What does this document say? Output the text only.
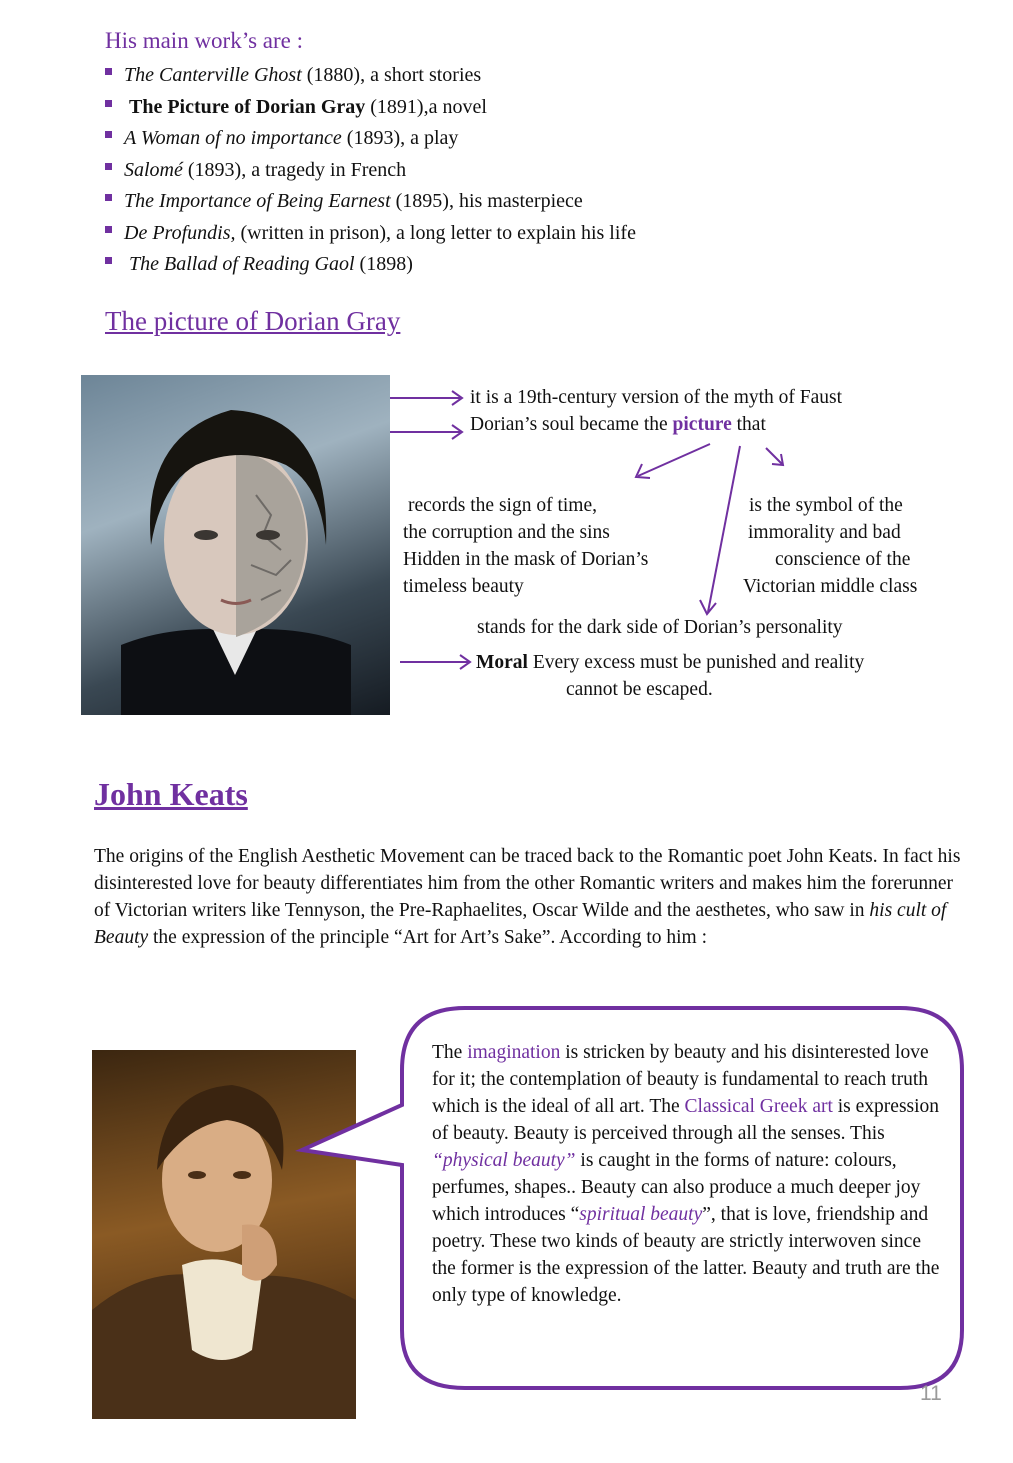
His main work’s are :
The Canterville Ghost (1880), a short stories
The Picture of Dorian Gray (1891),a novel
A Woman of no importance (1893), a play
Salomé (1893), a tragedy in French
The Importance of Being Earnest (1895), his masterpiece
De Profundis, (written in prison), a long letter to explain his life
The Ballad of Reading Gaol (1898)
The picture of Dorian Gray
it is a 19th-century version of the myth of Faust
Dorian’s soul became the picture that
records the sign of time,
the corruption and the sins
Hidden in the mask of Dorian’s
timeless beauty
is the symbol of the
immorality and bad
conscience of the
Victorian middle class
stands for the dark side of Dorian’s personality
Moral Every excess must be punished and reality
cannot be escaped.
John Keats
The origins of the English Aesthetic Movement can be traced back to the Romantic poet John Keats. In fact his disinterested love for beauty differentiates him from the other Romantic writers and makes him the forerunner of Victorian writers like Tennyson, the Pre-Raphaelites, Oscar Wilde and the aesthetes, who saw in his cult of Beauty the expression of the principle “Art for Art’s Sake”. According to him :
The imagination is stricken by beauty and his disinterested love for it; the contemplation of beauty is fundamental to reach truth which is the ideal of all art. The Classical Greek art is expression of beauty. Beauty is perceived through all the senses. This “physical beauty” is caught in the forms of nature: colours, perfumes, shapes.. Beauty can also produce a much deeper joy which introduces “spiritual beauty”, that is love, friendship and poetry. These two kinds of beauty are strictly interwoven since the former is the expression of the latter. Beauty and truth are the only type of knowledge.
11
